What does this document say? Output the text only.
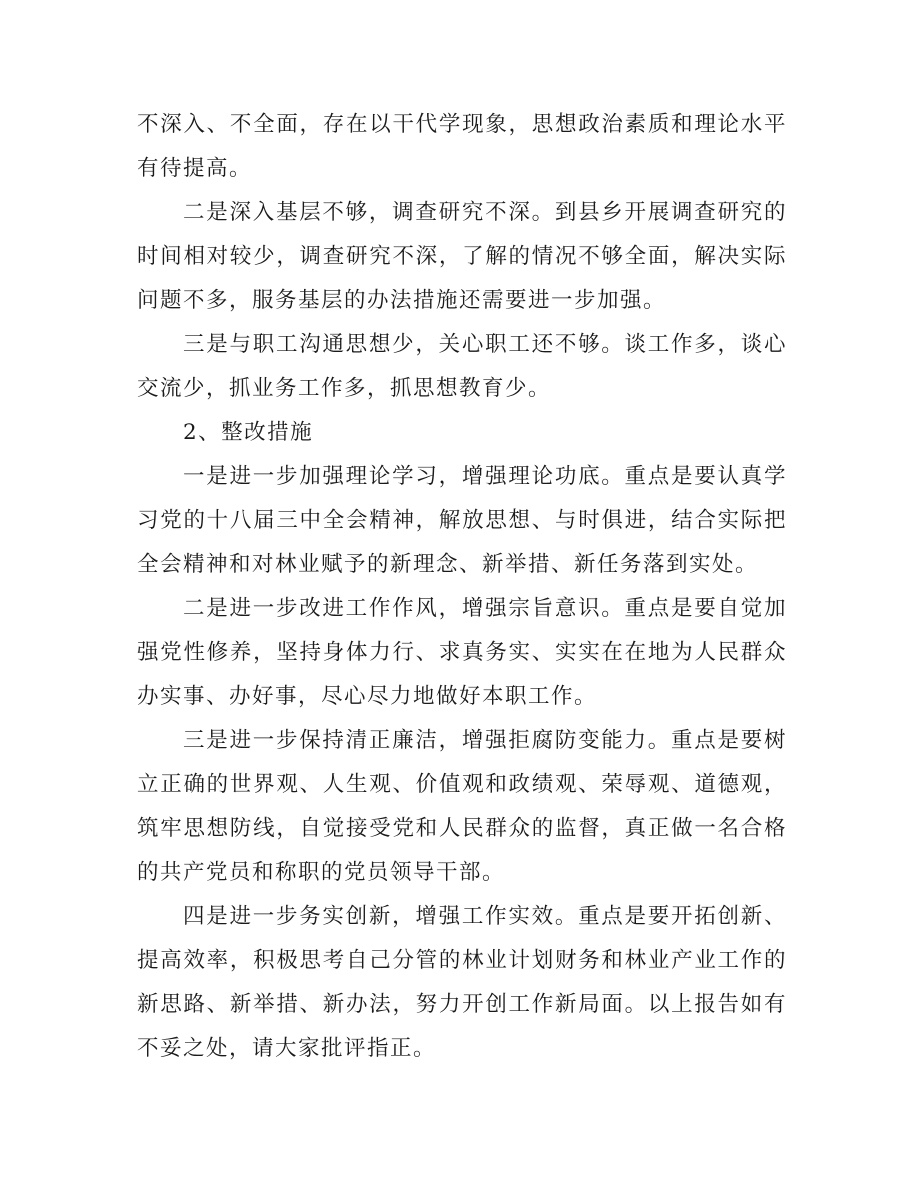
不深入、不全面，存在以干代学现象，思想政治素质和理论水平有待提高。

二是深入基层不够，调查研究不深。到县乡开展调查研究的时间相对较少，调查研究不深，了解的情况不够全面，解决实际问题不多，服务基层的办法措施还需要进一步加强。

三是与职工沟通思想少，关心职工还不够。谈工作多，谈心交流少，抓业务工作多，抓思想教育少。

2、整改措施

一是进一步加强理论学习，增强理论功底。重点是要认真学习党的十八届三中全会精神，解放思想、与时俱进，结合实际把全会精神和对林业赋予的新理念、新举措、新任务落到实处。

二是进一步改进工作作风，增强宗旨意识。重点是要自觉加强党性修养，坚持身体力行、求真务实、实实在在地为人民群众办实事、办好事，尽心尽力地做好本职工作。

三是进一步保持清正廉洁，增强拒腐防变能力。重点是要树立正确的世界观、人生观、价值观和政绩观、荣辱观、道德观，筑牢思想防线，自觉接受党和人民群众的监督，真正做一名合格的共产党员和称职的党员领导干部。

四是进一步务实创新，增强工作实效。重点是要开拓创新、提高效率，积极思考自己分管的林业计划财务和林业产业工作的新思路、新举措、新办法，努力开创工作新局面。以上报告如有不妥之处，请大家批评指正。
